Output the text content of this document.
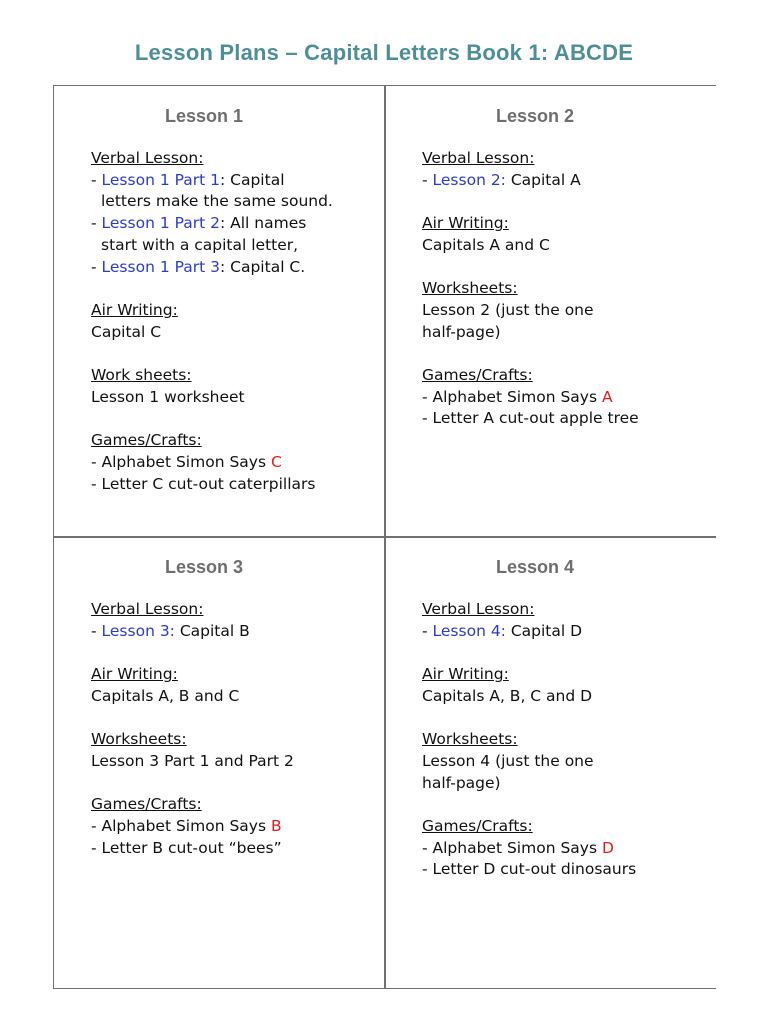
Lesson Plans – Capital Letters Book 1: ABCDE
Lesson 1
Verbal Lesson:
- Lesson 1 Part 1: Capital
letters make the same sound.
- Lesson 1 Part 2: All names
start with a capital letter,
- Lesson 1 Part 3: Capital C.
Air Writing:
Capital C
Work sheets:
Lesson 1 worksheet
Games/Crafts:
- Alphabet Simon Says C
- Letter C cut-out caterpillars
Lesson 2
Verbal Lesson:
- Lesson 2: Capital A
Air Writing:
Capitals A and C
Worksheets:
Lesson 2 (just the one
half-page)
Games/Crafts:
- Alphabet Simon Says A
- Letter A cut-out apple tree
Lesson 3
Verbal Lesson:
- Lesson 3: Capital B
Air Writing:
Capitals A, B and C
Worksheets:
Lesson 3 Part 1 and Part 2
Games/Crafts:
- Alphabet Simon Says B
- Letter B cut-out “bees”
Lesson 4
Verbal Lesson:
- Lesson 4: Capital D
Air Writing:
Capitals A, B, C and D
Worksheets:
Lesson 4 (just the one
half-page)
Games/Crafts:
- Alphabet Simon Says D
- Letter D cut-out dinosaurs
